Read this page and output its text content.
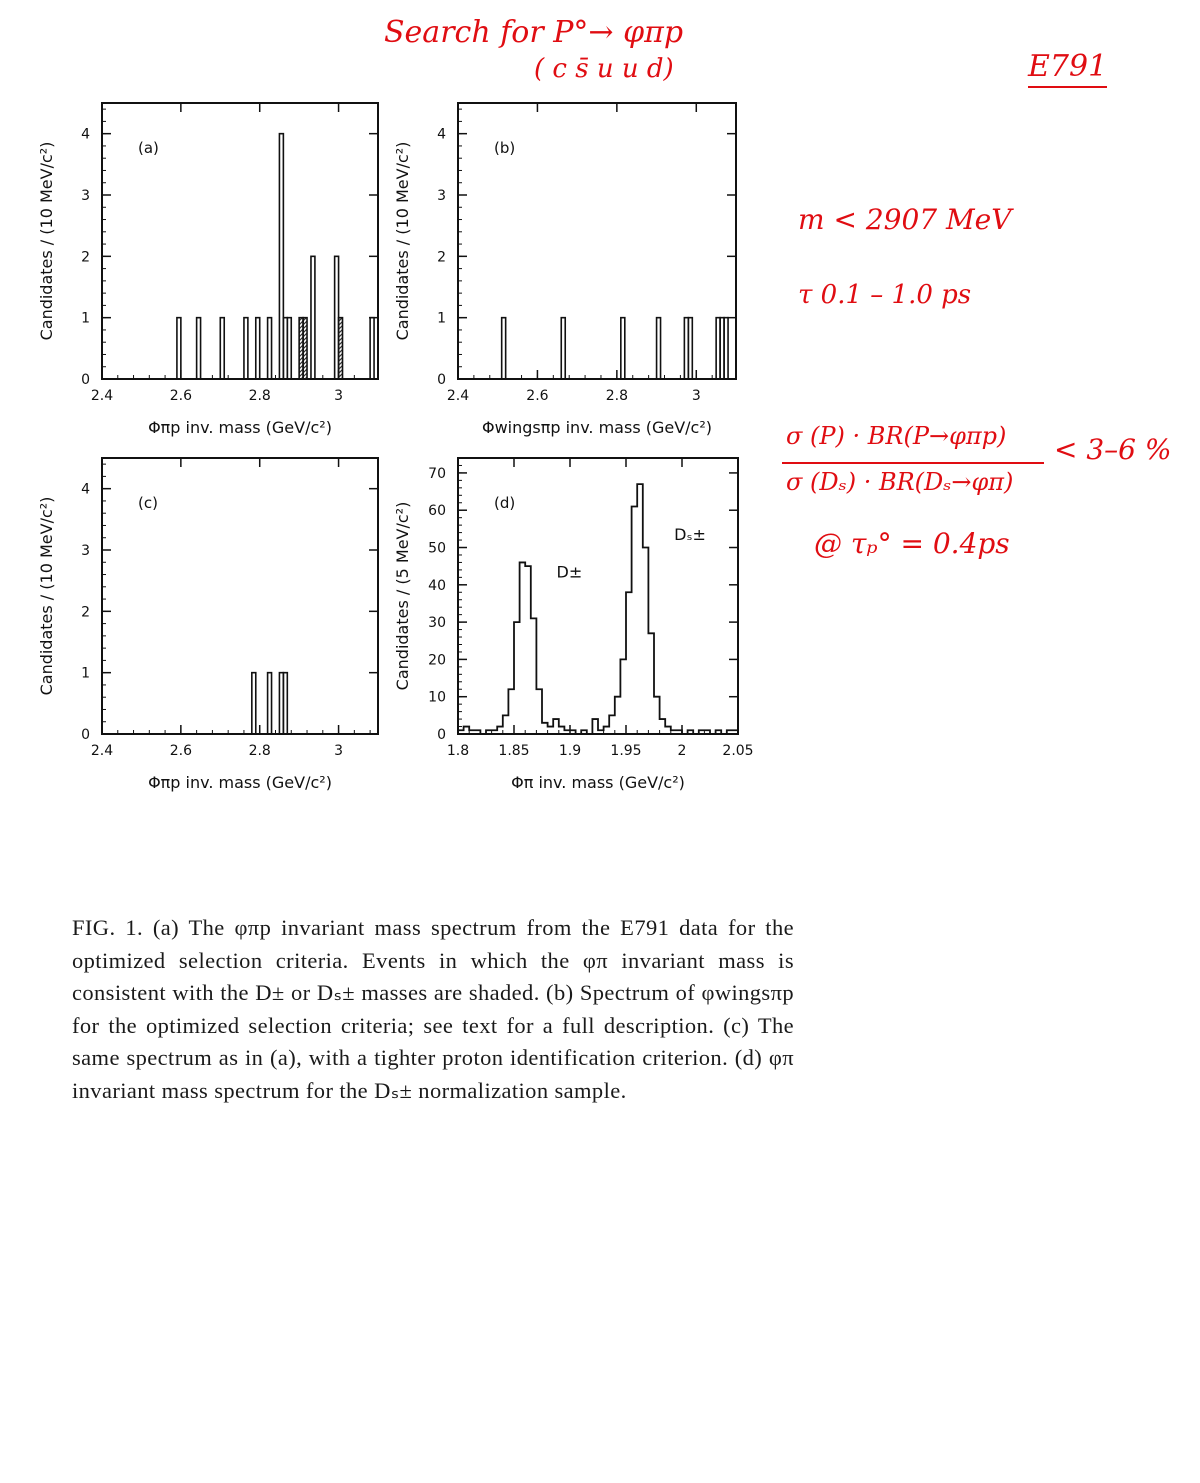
Search for P°→ φπp
( c s̄ u u d)	E791
m < 2907 MeV
τ 0.1 – 1.0 ps
σ (P) · BR(P→φπp)
σ (Dₛ) · BR(Dₛ→φπ)
< 3–6 %
@ τₚ° = 0.4ps
0
1
2
3
4
2.4	2.6	2.8	3
Φπp inv. mass (GeV/c²)
Candidates / (10 MeV/c²)	(a)
0
1
2
3
4
2.4	2.6	2.8	3
Φwingsπp inv. mass (GeV/c²)
Candidates / (10 MeV/c²)	(b)
0
1
2
3
4
2.4	2.6	2.8	3
Φπp inv. mass (GeV/c²)
Candidates / (10 MeV/c²)	(c)
0
10
20
30
40
50
60
70
1.8 1.85 1.9 1.95	2	2.05
Φπ inv. mass (GeV/c²)
Candidates / (5 MeV/c²)	(d)
D±
Dₛ±
FIG. 1. (a) The φπp invariant mass spectrum from the E791 data for the optimized selection criteria. Events in which the φπ invariant mass is consistent with the D± or Dₛ± masses are shaded. (b) Spectrum of φwingsπp for the optimized selection criteria; see text for a full description. (c) The same spectrum as in (a), with a tighter proton identification criterion. (d) φπ invariant mass spectrum for the Dₛ± normalization sample.
